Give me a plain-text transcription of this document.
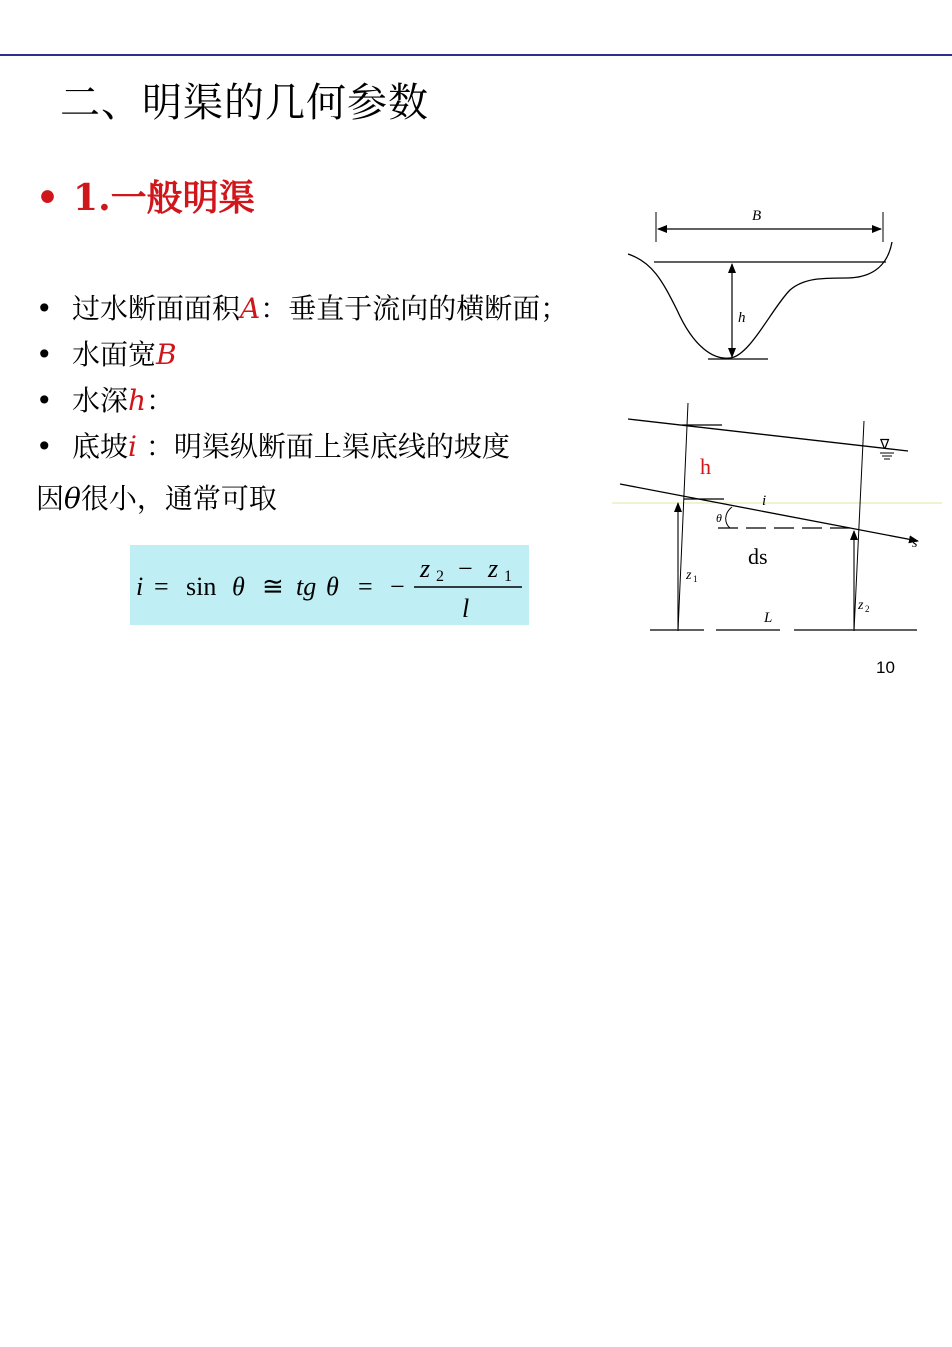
二、明渠的几何参数
• 1.一般明渠
• 过水断面面积A：垂直于流向的横断面；
• 水面宽B
• 水深h：
• 底坡i ：明渠纵断面上渠底线的坡度
因θ很小，通常可取
i = sin θ ≅ tg θ = −
z 2 − z 1
l
B
h
s
h
i
θ
ds
z 1
z 2
L
∇
10
